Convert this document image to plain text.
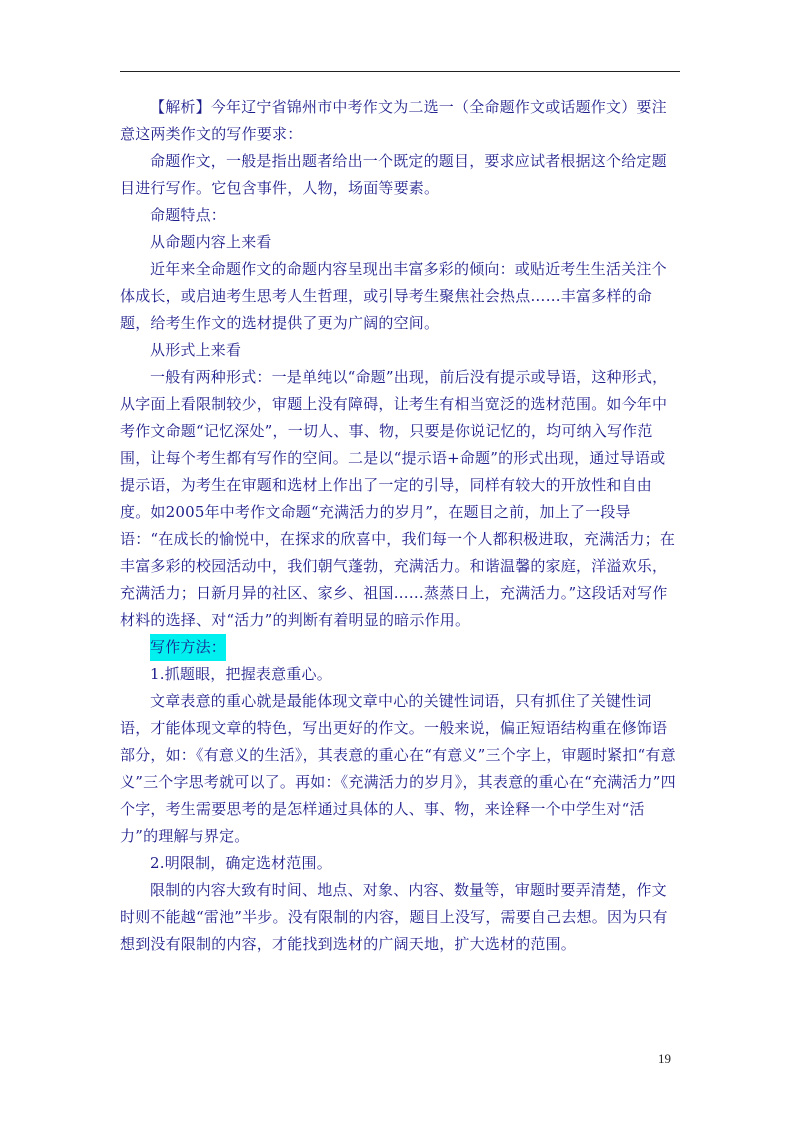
【解析】今年辽宁省锦州市中考作文为二选一（全命题作文或话题作文）要注意这两类作文的写作要求：

命题作文，一般是指出题者给出一个既定的题目，要求应试者根据这个给定题目进行写作。它包含事件，人物，场面等要素。

命题特点：

从命题内容上来看

近年来全命题作文的命题内容呈现出丰富多彩的倾向：或贴近考生生活关注个体成长，或启迪考生思考人生哲理，或引导考生聚焦社会热点……丰富多样的命题，给考生作文的选材提供了更为广阔的空间。

从形式上来看

一般有两种形式：一是单纯以“命题”出现，前后没有提示或导语，这种形式，从字面上看限制较少，审题上没有障碍，让考生有相当宽泛的选材范围。如今年中考作文命题“记忆深处”，一切人、事、物，只要是你说记忆的，均可纳入写作范围，让每个考生都有写作的空间。二是以“提示语+命题”的形式出现，通过导语或提示语，为考生在审题和选材上作出了一定的引导，同样有较大的开放性和自由度。如2005年中考作文命题“充满活力的岁月”，在题目之前，加上了一段导语：“在成长的愉悦中，在探求的欣喜中，我们每一个人都积极进取，充满活力；在丰富多彩的校园活动中，我们朝气蓬勃，充满活力。和谐温馨的家庭，洋溢欢乐，充满活力；日新月异的社区、家乡、祖国……蒸蒸日上，充满活力。”这段话对写作材料的选择、对“活力”的判断有着明显的暗示作用。

写作方法：

1.抓题眼，把握表意重心。

文章表意的重心就是最能体现文章中心的关键性词语，只有抓住了关键性词语，才能体现文章的特色，写出更好的作文。一般来说，偏正短语结构重在修饰语部分，如：《有意义的生活》，其表意的重心在“有意义”三个字上，审题时紧扣“有意义”三个字思考就可以了。再如：《充满活力的岁月》，其表意的重心在“充满活力”四个字，考生需要思考的是怎样通过具体的人、事、物，来诠释一个中学生对“活力”的理解与界定。

2.明限制，确定选材范围。

限制的内容大致有时间、地点、对象、内容、数量等，审题时要弄清楚，作文时则不能越“雷池”半步。没有限制的内容，题目上没写，需要自己去想。因为只有想到没有限制的内容，才能找到选材的广阔天地，扩大选材的范围。

19
